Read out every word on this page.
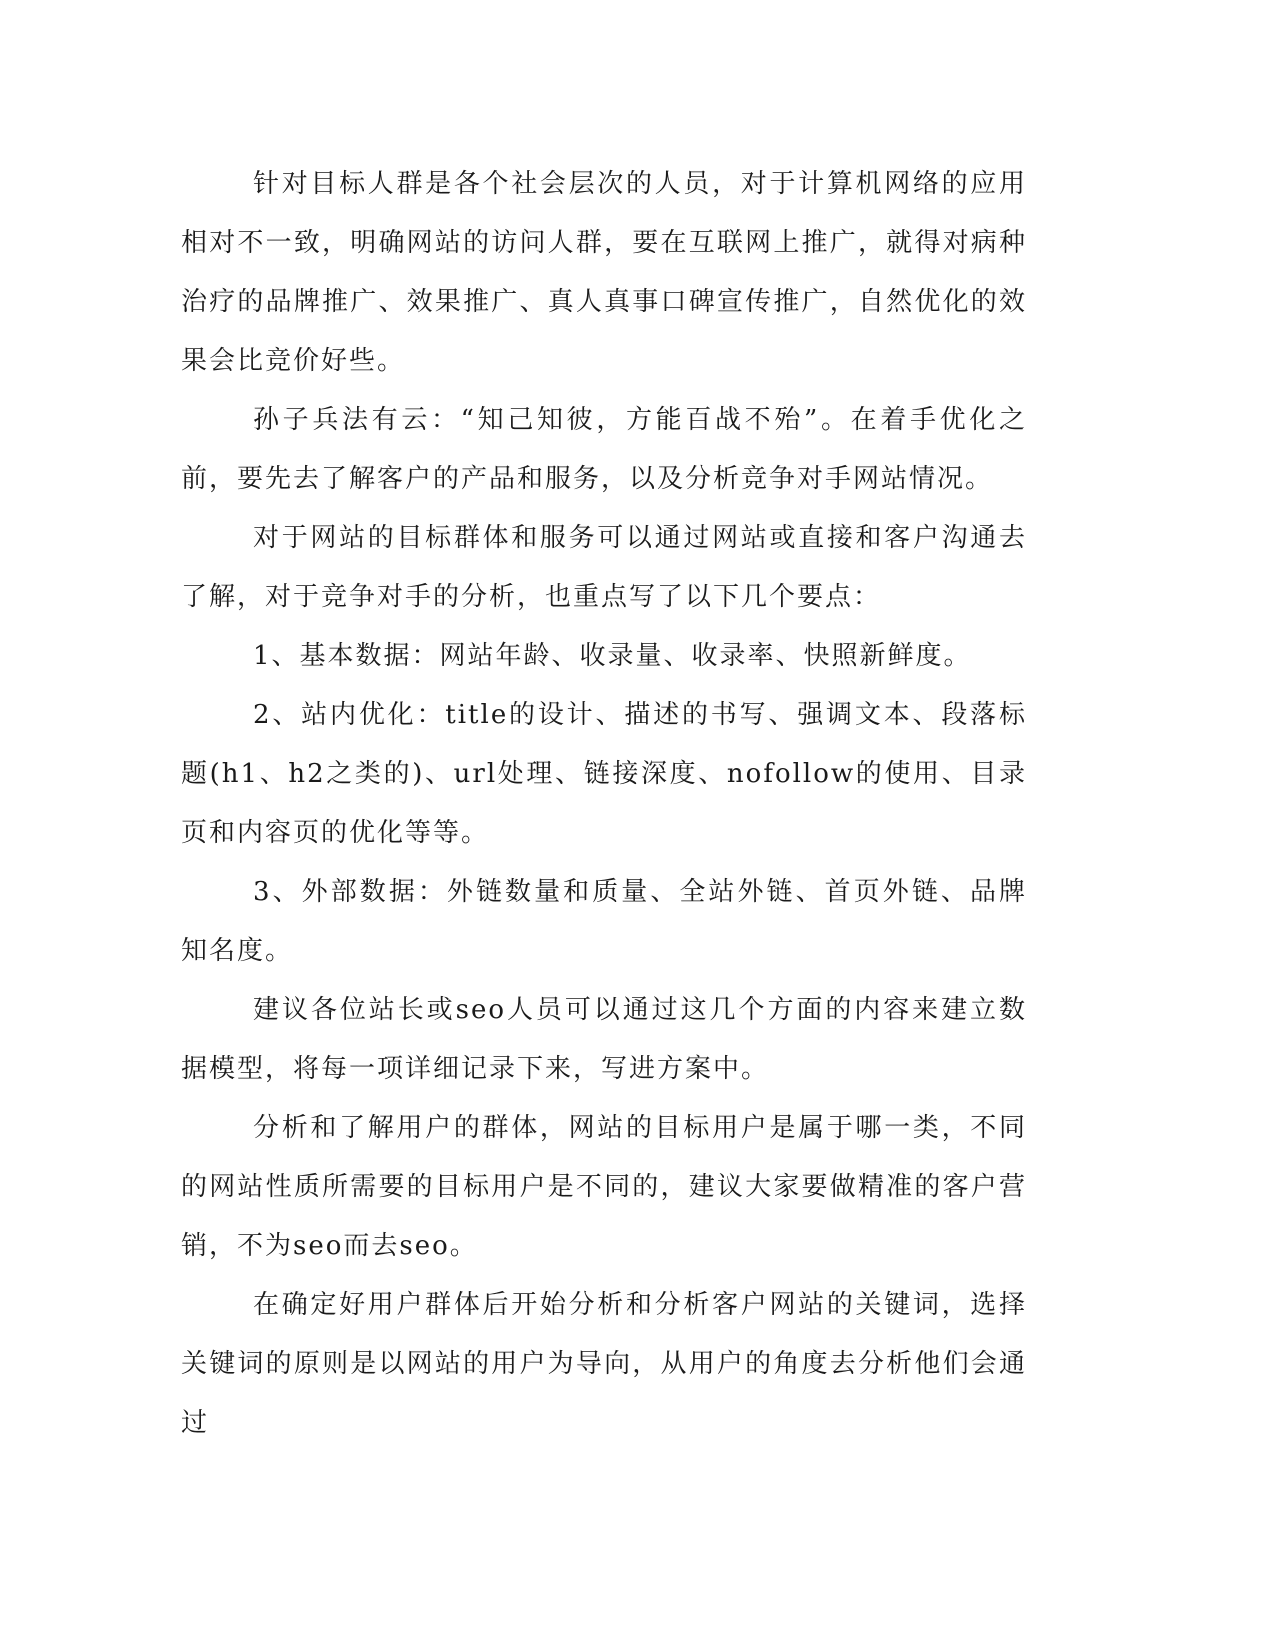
针对目标人群是各个社会层次的人员，对于计算机网络的应用相对不一致，明确网站的访问人群，要在互联网上推广，就得对病种治疗的品牌推广、效果推广、真人真事口碑宣传推广，自然优化的效果会比竞价好些。

孙子兵法有云：“知己知彼，方能百战不殆”。在着手优化之前，要先去了解客户的产品和服务，以及分析竞争对手网站情况。

对于网站的目标群体和服务可以通过网站或直接和客户沟通去了解，对于竞争对手的分析，也重点写了以下几个要点：

1、基本数据：网站年龄、收录量、收录率、快照新鲜度。

2、站内优化：title的设计、描述的书写、强调文本、段落标题(h1、h2之类的)、url处理、链接深度、nofollow的使用、目录页和内容页的优化等等。

3、外部数据：外链数量和质量、全站外链、首页外链、品牌知名度。

建议各位站长或seo人员可以通过这几个方面的内容来建立数据模型，将每一项详细记录下来，写进方案中。

分析和了解用户的群体，网站的目标用户是属于哪一类，不同的网站性质所需要的目标用户是不同的，建议大家要做精准的客户营销，不为seo而去seo。

在确定好用户群体后开始分析和分析客户网站的关键词，选择关键词的原则是以网站的用户为导向，从用户的角度去分析他们会通过
